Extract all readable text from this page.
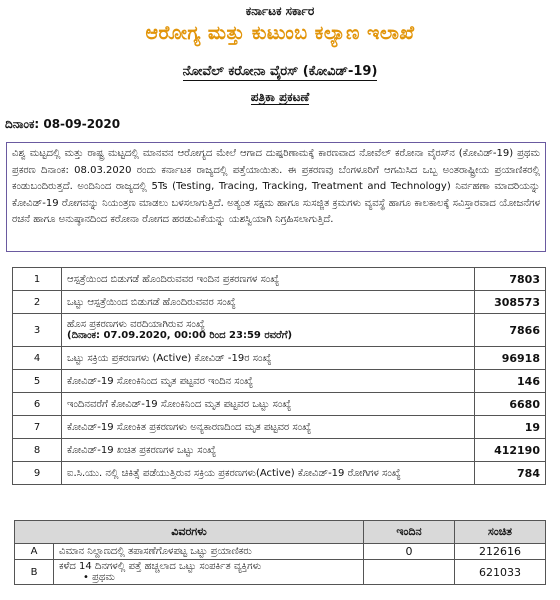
ಕರ್ನಾಟಕ ಸರ್ಕಾರ
ಆರೋಗ್ಯ ಮತ್ತು ಕುಟುಂಬ ಕಲ್ಯಾಣ ಇಲಾಖೆ
ನೋವೆಲ್ ಕರೋನಾ ವೈರಸ್ (ಕೋವಿಡ್-19)
ಪತ್ರಿಕಾ ಪ್ರಕಟಣೆ
ದಿನಾಂಕ: 08-09-2020
ವಿಶ್ವ ಮಟ್ಟದಲ್ಲಿ ಮತ್ತು ರಾಷ್ಟ್ರ ಮಟ್ಟದಲ್ಲಿ ಮಾನವನ ಆರೋಗ್ಯದ ಮೇಲೆ ಆಗಾದ ದುಷ್ಪರಿಣಾಮಕ್ಕೆ ಕಾರಣವಾದ ನೋವೆಲ್ ಕರೋನಾ ವೈರಸ್‌ನ (ಕೋವಿಡ್-19) ಪ್ರಥಮ ಪ್ರಕರಣ ದಿನಾಂಕ: 08.03.2020 ರಂದು ಕರ್ನಾಟಕ ರಾಜ್ಯದಲ್ಲಿ ಪತ್ತೆಯಾಯಿತು. ಈ ಪ್ರಕರಣವು ಬೆಂಗಳೂರಿಗೆ ಆಗಮಿಸಿದ ಒಬ್ಬ ಅಂತರಾಷ್ಟ್ರೀಯ ಪ್ರಯಾಣಿಕರಲ್ಲಿ ಕಂಡುಬಂದಿರುತ್ತದೆ. ಅಂದಿನಿಂದ ರಾಜ್ಯದಲ್ಲಿ 5Ts (Testing, Tracing, Tracking, Treatment and Technology) ನಿರ್ವಹಣಾ ಮಾದರಿಯನ್ನು ಕೋವಿಡ್-19 ರೋಗವನ್ನು ನಿಯಂತ್ರಣ ಮಾಡಲು ಬಳಸಲಾಗುತ್ತಿದೆ. ಅತ್ಯಂತ ಸಕ್ಷಮ ಹಾಗೂ ಸುಸಜ್ಜಿತ ಕ್ರಮಗಳು ವ್ಯವಸ್ಥೆ ಹಾಗೂ ಕಾಲಕಾಲಕ್ಕೆ ಸವಿಸ್ತಾರವಾದ ಯೋಜನೆಗಳ ರಚನೆ ಹಾಗೂ ಅನುಷ್ಠಾನದಿಂದ ಕರೋನಾ ರೋಗದ ಹರಡುವಿಕೆಯನ್ನು ಯಶಸ್ವಿಯಾಗಿ ನಿಗ್ರಹಿಸಲಾಗುತ್ತಿದೆ.
1	ಆಸ್ಪತ್ರೆಯಿಂದ ಬಿಡುಗಡೆ ಹೊಂದಿರುವವರ ಇಂದಿನ ಪ್ರಕರಣಗಳ ಸಂಖ್ಯೆ	7803
2	ಒಟ್ಟು ಆಸ್ಪತ್ರೆಯಿಂದ ಬಿಡುಗಡೆ ಹೊಂದಿರುವವರ ಸಂಖ್ಯೆ	308573
3	ಹೊಸ ಪ್ರಕರಣಗಳು ವರದಿಯಾಗಿರುವ ಸಂಖ್ಯೆ
(ದಿನಾಂಕ: 07.09.2020, 00:00 ರಿಂದ 23:59 ರವರೆಗೆ)	7866
4	ಒಟ್ಟು ಸಕ್ರಿಯ ಪ್ರಕರಣಗಳು (Active) ಕೋವಿಡ್ -19ರ ಸಂಖ್ಯೆ	96918
5	ಕೋವಿಡ್-19 ಸೋಂಕಿನಿಂದ ಮೃತ ಪಟ್ಟವರ ಇಂದಿನ ಸಂಖ್ಯೆ	146
6	ಇಂದಿನವರೆಗೆ ಕೋವಿಡ್-19 ಸೋಂಕಿನಿಂದ ಮೃತ ಪಟ್ಟವರ ಒಟ್ಟು ಸಂಖ್ಯೆ	6680
7	ಕೋವಿಡ್-19 ಸೋಂಕಿತ ಪ್ರಕರಣಗಳು ಅನ್ಯಕಾರಣದಿಂದ ಮೃತ ಪಟ್ಟವರ ಸಂಖ್ಯೆ	19
8	ಕೋವಿಡ್-19 ಖಚಿತ ಪ್ರಕರಣಗಳ ಒಟ್ಟು ಸಂಖ್ಯೆ	412190
9	ಐ.ಸಿ.ಯು. ನಲ್ಲಿ ಚಿಕಿತ್ಸೆ ಪಡೆಯುತ್ತಿರುವ ಸಕ್ರಿಯ ಪ್ರಕರಣಗಳು(Active) ಕೋವಿಡ್-19 ರೋಗಿಗಳ ಸಂಖ್ಯೆ	784
ವಿವರಗಳು		ಇಂದಿನ	ಸಂಚಿತ
A	ವಿಮಾನ ನಿಲ್ದಾಣದಲ್ಲಿ ತಪಾಸಣೆಗೊಳಪಟ್ಟ ಒಟ್ಟು ಪ್ರಯಾಣಿಕರು	0	212616
B	ಕಳೆದ 14 ದಿನಗಳಲ್ಲಿ ಪತ್ತೆ ಹಚ್ಚಲಾದ ಒಟ್ಟು ಸಂಪರ್ಕಿತ ವ್ಯಕ್ತಿಗಳು
• ಪ್ರಥಮ		621033
